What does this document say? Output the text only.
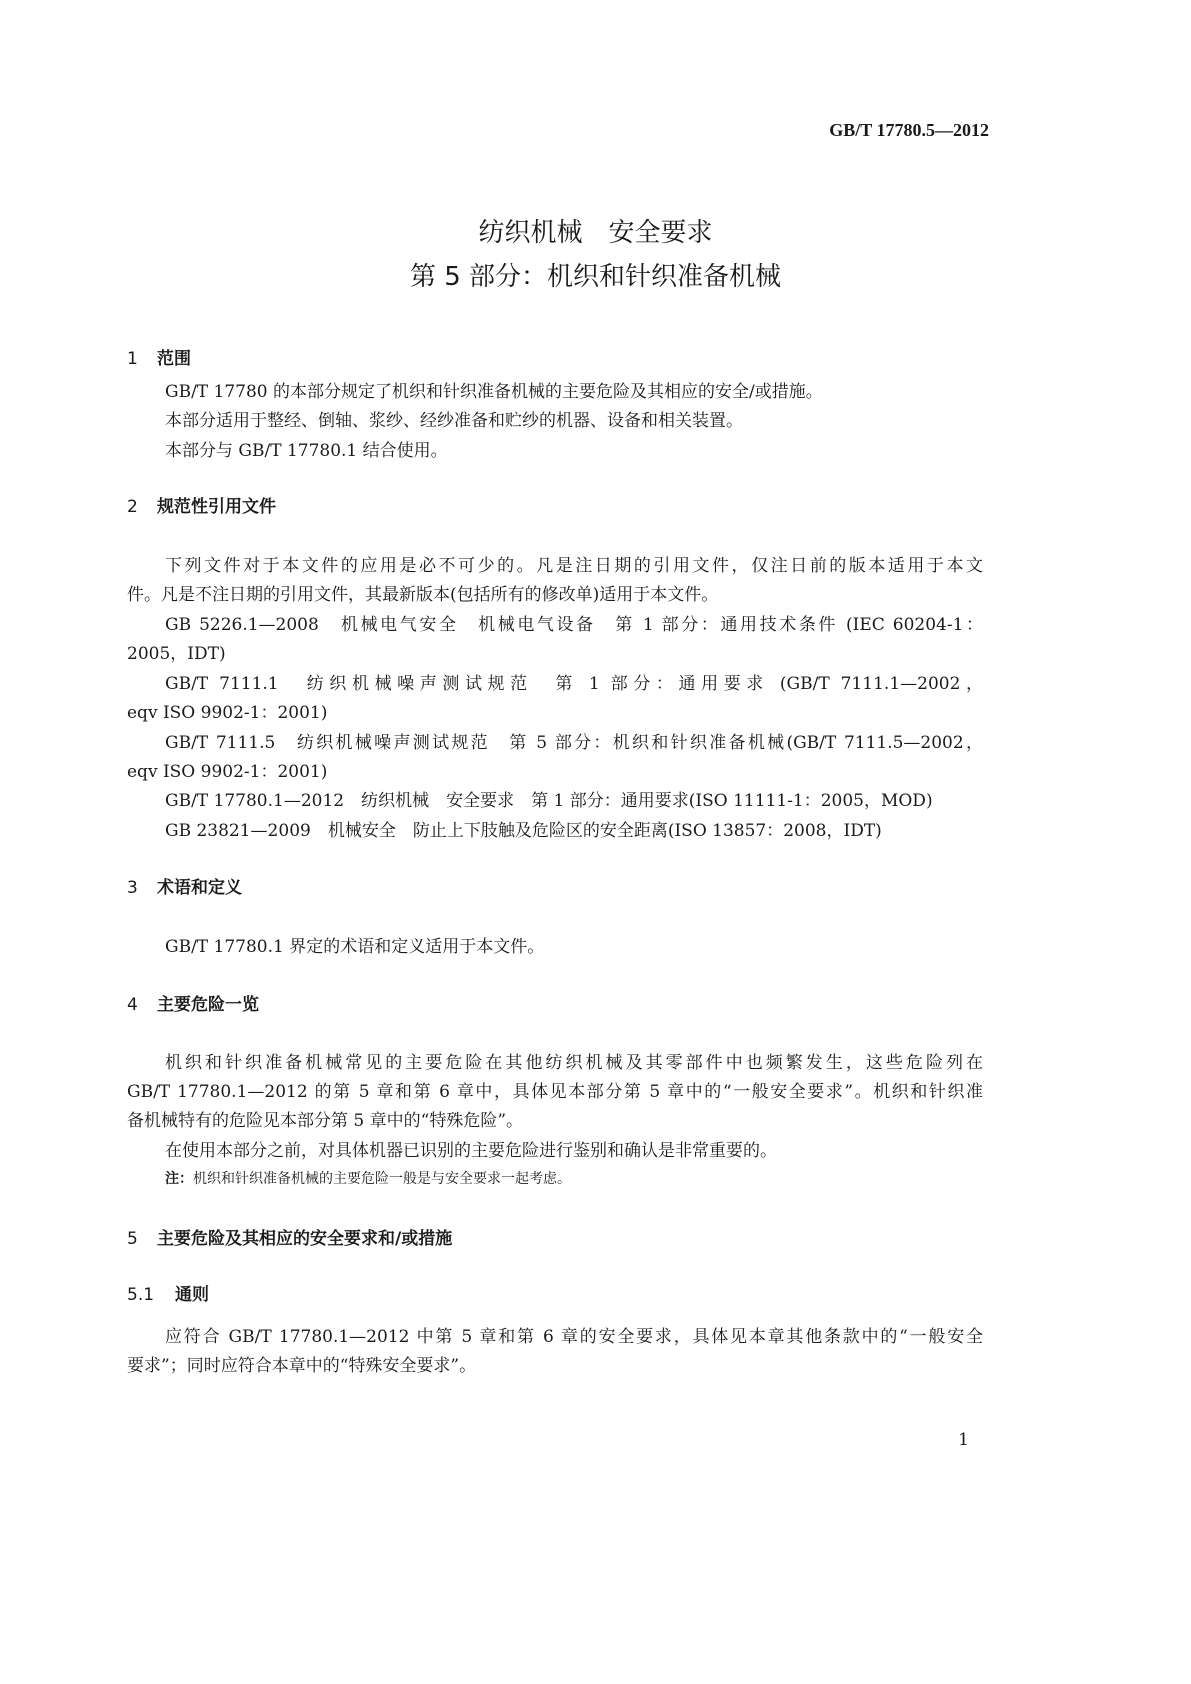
GB/T 17780.5—2012
纺织机械　安全要求
第 5 部分：机织和针织准备机械
1 范围
GB/T 17780 的本部分规定了机织和针织准备机械的主要危险及其相应的安全/或措施。
本部分适用于整经、倒轴、浆纱、经纱准备和贮纱的机器、设备和相关装置。
本部分与 GB/T 17780.1 结合使用。
2 规范性引用文件
下列文件对于本文件的应用是必不可少的。凡是注日期的引用文件，仅注日前的版本适用于本文
件。凡是不注日期的引用文件，其最新版本(包括所有的修改单)适用于本文件。
GB 5226.1—2008　机械电气安全　机械电气设备　第 1 部分：通用技术条件 (IEC 60204-1：
2005，IDT)
GB/T 7111.1　纺织机械噪声测试规范　第 1 部分：通用要求 (GB/T 7111.1—2002，
eqv ISO 9902-1：2001)
GB/T 7111.5　纺织机械噪声测试规范　第 5 部分：机织和针织准备机械(GB/T 7111.5—2002，
eqv ISO 9902-1：2001)
GB/T 17780.1—2012　纺织机械　安全要求　第 1 部分：通用要求(ISO 11111-1：2005，MOD)
GB 23821—2009　机械安全　防止上下肢触及危险区的安全距离(ISO 13857：2008，IDT)
3 术语和定义
GB/T 17780.1 界定的术语和定义适用于本文件。
4 主要危险一览
机织和针织准备机械常见的主要危险在其他纺织机械及其零部件中也频繁发生，这些危险列在
GB/T 17780.1—2012 的第 5 章和第 6 章中，具体见本部分第 5 章中的“一般安全要求”。机织和针织准
备机械特有的危险见本部分第 5 章中的“特殊危险”。
在使用本部分之前，对具体机器已识别的主要危险进行鉴别和确认是非常重要的。
注：机织和针织准备机械的主要危险一般是与安全要求一起考虑。
5 主要危险及其相应的安全要求和/或措施
5.1 通则
应符合 GB/T 17780.1—2012 中第 5 章和第 6 章的安全要求，具体见本章其他条款中的“一般安全
要求”；同时应符合本章中的“特殊安全要求”。
1
